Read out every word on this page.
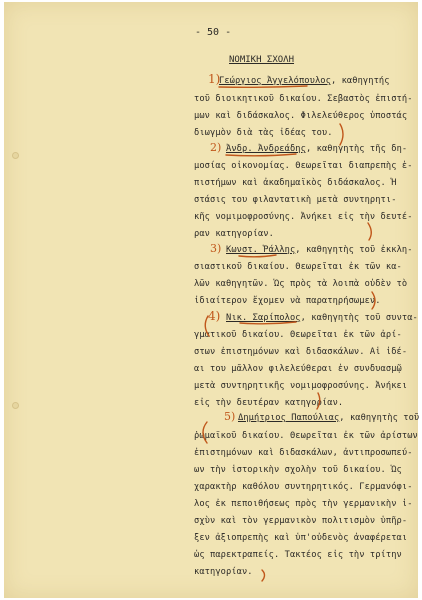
- 50 -
ΝΟΜΙΚΗ ΣΧΟΛΗ
1)
Γεώργιος Ἀγγελόπουλος, καθηγητής
τοῦ διοικητικοῦ δικαίου. Σεβαστὸς ἐπιστή-
μων καὶ διδάσκαλος. Φιλελεύθερος ὑποστάς
διωγμὸν διὰ τὰς ἰδέας του.
2) Ἀνδρ. Ἀνδρεάδης, καθηγητὴς τῆς δη-
μοσίας οἰκονομίας. Θεωρεῖται διαπρεπὴς ἐ-
πιστήμων καὶ ἀκαδημαϊκὸς διδάσκαλος. Ἡ
στάσις του φιλαντατικὴ μετὰ συντηρητι-
κῆς νομιμοφροσύνης. Ἀνήκει εἰς τὴν δευτέ-
ραν κατηγορίαν.
3) Κωνστ. Ῥάλλης, καθηγητὴς τοῦ ἐκκλη-
σιαστικοῦ δικαίου. Θεωρεῖται ἐκ τῶν κα-
λῶν καθηγητῶν. Ὡς πρὸς τὰ λοιπὰ οὐδὲν τὸ
ἰδιαίτερον ἔχομεν νὰ παρατηρήσωμεν.
4) Νικ. Σαρίπολος, καθηγητὴς τοῦ συντα-
γματικοῦ δικαίου. Θεωρεῖται ἐκ τῶν ἀρί-
στων ἐπιστημόνων καὶ διδασκάλων. Αἱ ἰδέ-
αι του μᾶλλον φιλελεύθεραι ἐν συνδυασμῷ
μετὰ συντηρητικῆς νομιμοφροσύνης. Ἀνήκει
εἰς τὴν δευτέραν κατηγορίαν.
5) Δημήτριος Παπούλιας, καθηγητὴς τοῦ
ῥωμαϊκοῦ δικαίου. Θεωρεῖται ἐκ τῶν ἀρίστων
ἐπιστημόνων καὶ διδασκάλων, ἀντιπροσωπεύ-
ων τὴν ἱστορικὴν σχολὴν τοῦ δικαίου. Ὡς
χαρακτὴρ καθόλου συντηρητικός. Γερμανόφι-
λος ἐκ πεποιθήσεως πρὸς τὴν γερμανικὴν ἰ-
σχὺν καὶ τὸν γερμανικὸν πολιτισμὸν ὑπῆρ-
ξεν ἀξιοπρεπὴς καὶ ὑπ'οὐδενὸς ἀναφέρεται
ὡς παρεκτραπείς. Τακτέος εἰς τὴν τρίτην
κατηγορίαν.
